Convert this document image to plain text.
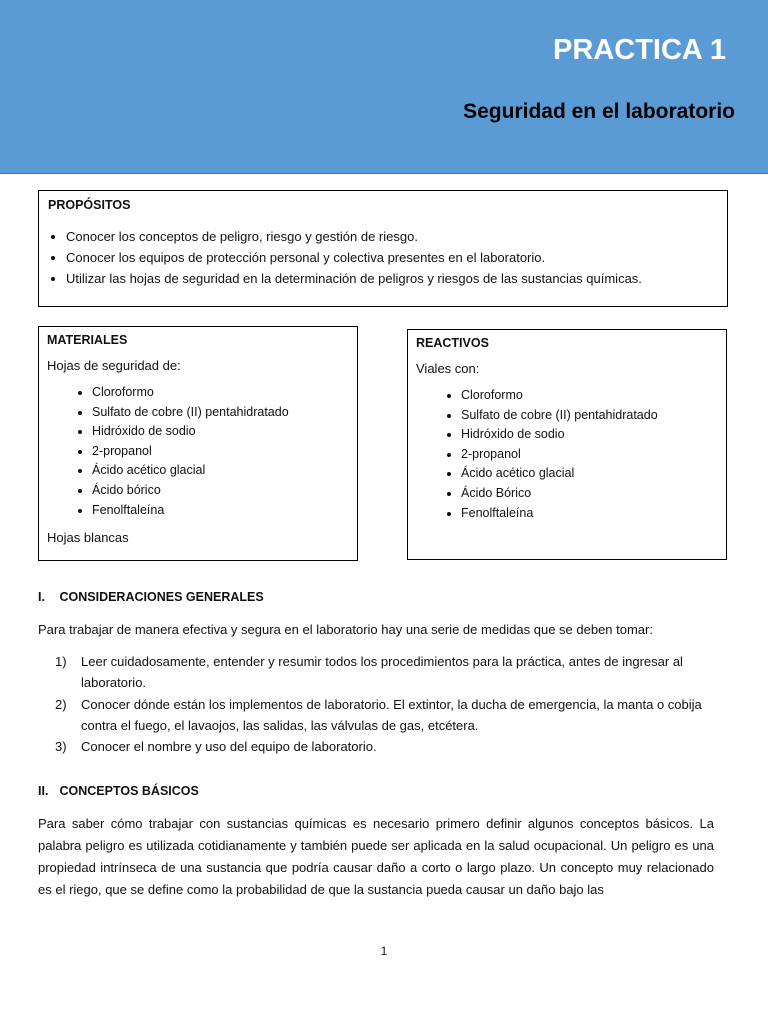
PRACTICA 1
Seguridad en el laboratorio
PROPÓSITOS
• Conocer los conceptos de peligro, riesgo y gestión de riesgo.
• Conocer los equipos de protección personal y colectiva presentes en el laboratorio.
• Utilizar las hojas de seguridad en la determinación de peligros y riesgos de las sustancias químicas.
MATERIALES

Hojas de seguridad de:

• Cloroformo
• Sulfato de cobre (II) pentahidratado
• Hidróxido de sodio
• 2-propanol
• Ácido acético glacial
• Ácido bórico
• Fenolftaleína

Hojas blancas

REACTIVOS

Viales con:

• Cloroformo
• Sulfato de cobre (II) pentahidratado
• Hidróxido de sodio
• 2-propanol
• Ácido acético glacial
• Ácido Bórico
• Fenolftaleína
I. CONSIDERACIONES GENERALES
Para trabajar de manera efectiva y segura en el laboratorio hay una serie de medidas que se deben tomar:
1)	Leer cuidadosamente, entender y resumir todos los procedimientos para la práctica, antes de ingresar al laboratorio.
2)	Conocer dónde están los implementos de laboratorio. El extintor, la ducha de emergencia, la manta o cobija contra el fuego, el lavaojos, las salidas, las válvulas de gas, etcétera.
3)	Conocer el nombre y uso del equipo de laboratorio.
II. CONCEPTOS BÁSICOS
Para saber cómo trabajar con sustancias químicas es necesario primero definir algunos conceptos básicos. La palabra peligro es utilizada cotidianamente y también puede ser aplicada en la salud ocupacional. Un peligro es una propiedad intrínseca de una sustancia que podría causar daño a corto o largo plazo. Un concepto muy relacionado es el riego, que se define como la probabilidad de que la sustancia pueda causar un daño bajo las
1
